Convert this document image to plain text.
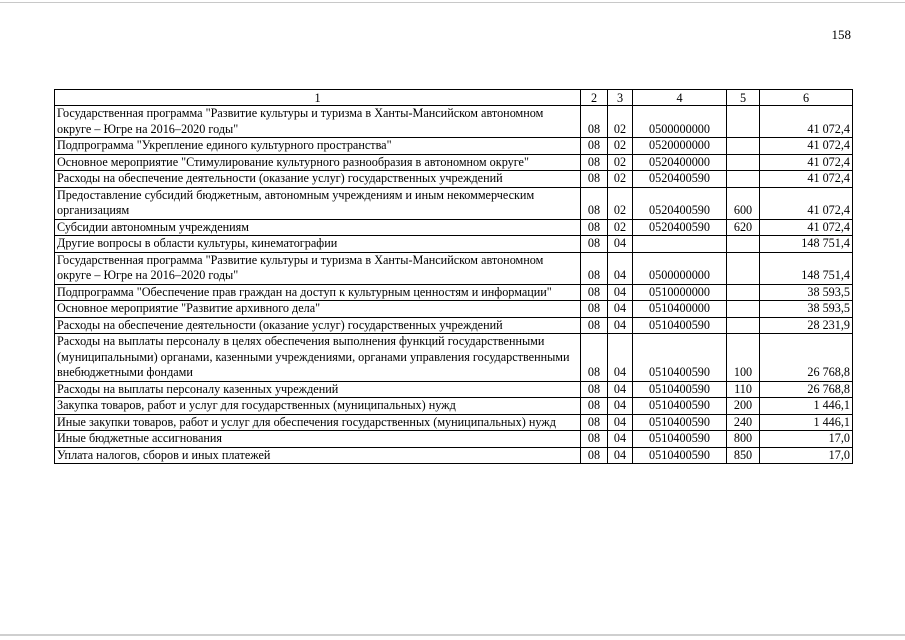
158
1	2	3	4	5	6
Государственная программа "Развитие культуры и туризма в Ханты-Мансийском автономном округе – Югре на 2016–2020 годы"	08	02	0500000000		41 072,4
Подпрограмма "Укрепление единого культурного пространства"	08	02	0520000000		41 072,4
Основное мероприятие "Стимулирование культурного разнообразия в автономном округе"	08	02	0520400000		41 072,4
Расходы на обеспечение деятельности (оказание услуг) государственных учреждений	08	02	0520400590		41 072,4
Предоставление субсидий бюджетным, автономным учреждениям и иным некоммерческим организациям	08	02	0520400590	600	41 072,4
Субсидии автономным учреждениям	08	02	0520400590	620	41 072,4
Другие вопросы в области культуры, кинематографии	08	04			148 751,4
Государственная программа "Развитие культуры и туризма в Ханты-Мансийском автономном округе – Югре на 2016–2020 годы"	08	04	0500000000		148 751,4
Подпрограмма "Обеспечение прав граждан на доступ к культурным ценностям и информации"	08	04	0510000000		38 593,5
Основное мероприятие "Развитие архивного дела"	08	04	0510400000		38 593,5
Расходы на обеспечение деятельности (оказание услуг) государственных учреждений	08	04	0510400590		28 231,9
Расходы на выплаты персоналу в целях обеспечения выполнения функций государственными (муниципальными) органами, казенными учреждениями, органами управления государственными внебюджетными фондами	08	04	0510400590	100	26 768,8
Расходы на выплаты персоналу казенных учреждений	08	04	0510400590	110	26 768,8
Закупка товаров, работ и услуг для государственных (муниципальных) нужд	08	04	0510400590	200	1 446,1
Иные закупки товаров, работ и услуг для обеспечения государственных (муниципальных) нужд	08	04	0510400590	240	1 446,1
Иные бюджетные ассигнования	08	04	0510400590	800	17,0
Уплата налогов, сборов и иных платежей	08	04	0510400590	850	17,0
